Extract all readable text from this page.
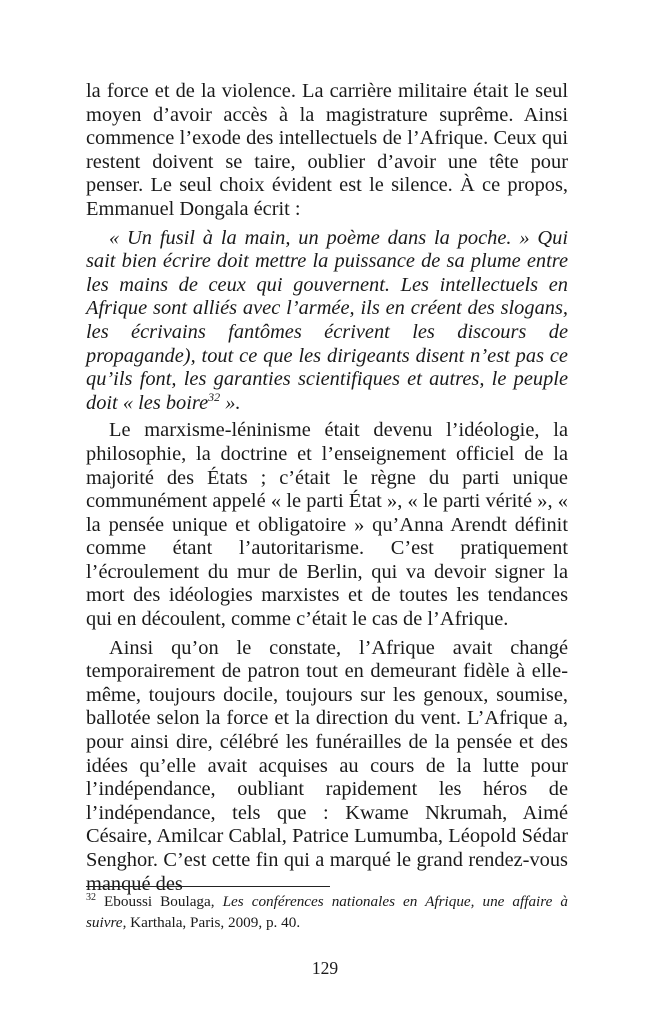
la force et de la violence. La carrière militaire était le seul moyen d’avoir accès à la magistrature suprême. Ainsi commence l’exode des intellectuels de l’Afrique. Ceux qui restent doivent se taire, oublier d’avoir une tête pour penser. Le seul choix évident est le silence. À ce propos, Emmanuel Dongala écrit :

« Un fusil à la main, un poème dans la poche. » Qui sait bien écrire doit mettre la puissance de sa plume entre les mains de ceux qui gouvernent. Les intellectuels en Afrique sont alliés avec l’armée, ils en créent des slogans, les écrivains fantômes écrivent les discours de propagande), tout ce que les dirigeants disent n’est pas ce qu’ils font, les garanties scientifiques et autres, le peuple doit « les boire$^{32}$ ».

Le marxisme-léninisme était devenu l’idéologie, la philosophie, la doctrine et l’enseignement officiel de la majorité des États ; c’était le règne du parti unique communément appelé « le parti État », « le parti vérité », « la pensée unique et obligatoire » qu’Anna Arendt définit comme étant l’autoritarisme. C’est pratiquement l’écroulement du mur de Berlin, qui va devoir signer la mort des idéologies marxistes et de toutes les tendances qui en découlent, comme c’était le cas de l’Afrique.

Ainsi qu’on le constate, l’Afrique avait changé temporairement de patron tout en demeurant fidèle à elle-même, toujours docile, toujours sur les genoux, soumise, ballotée selon la force et la direction du vent. L’Afrique a, pour ainsi dire, célébré les funérailles de la pensée et des idées qu’elle avait acquises au cours de la lutte pour l’indépendance, oubliant rapidement les héros de l’indépendance, tels que : Kwame Nkrumah, Aimé Césaire, Amilcar Cablal, Patrice Lumumba, Léopold Sédar Senghor. C’est cette fin qui a marqué le grand rendez-vous manqué des

$^{32}$ Eboussi Boulaga, Les conférences nationales en Afrique, une affaire à suivre, Karthala, Paris, 2009, p. 40.
129
